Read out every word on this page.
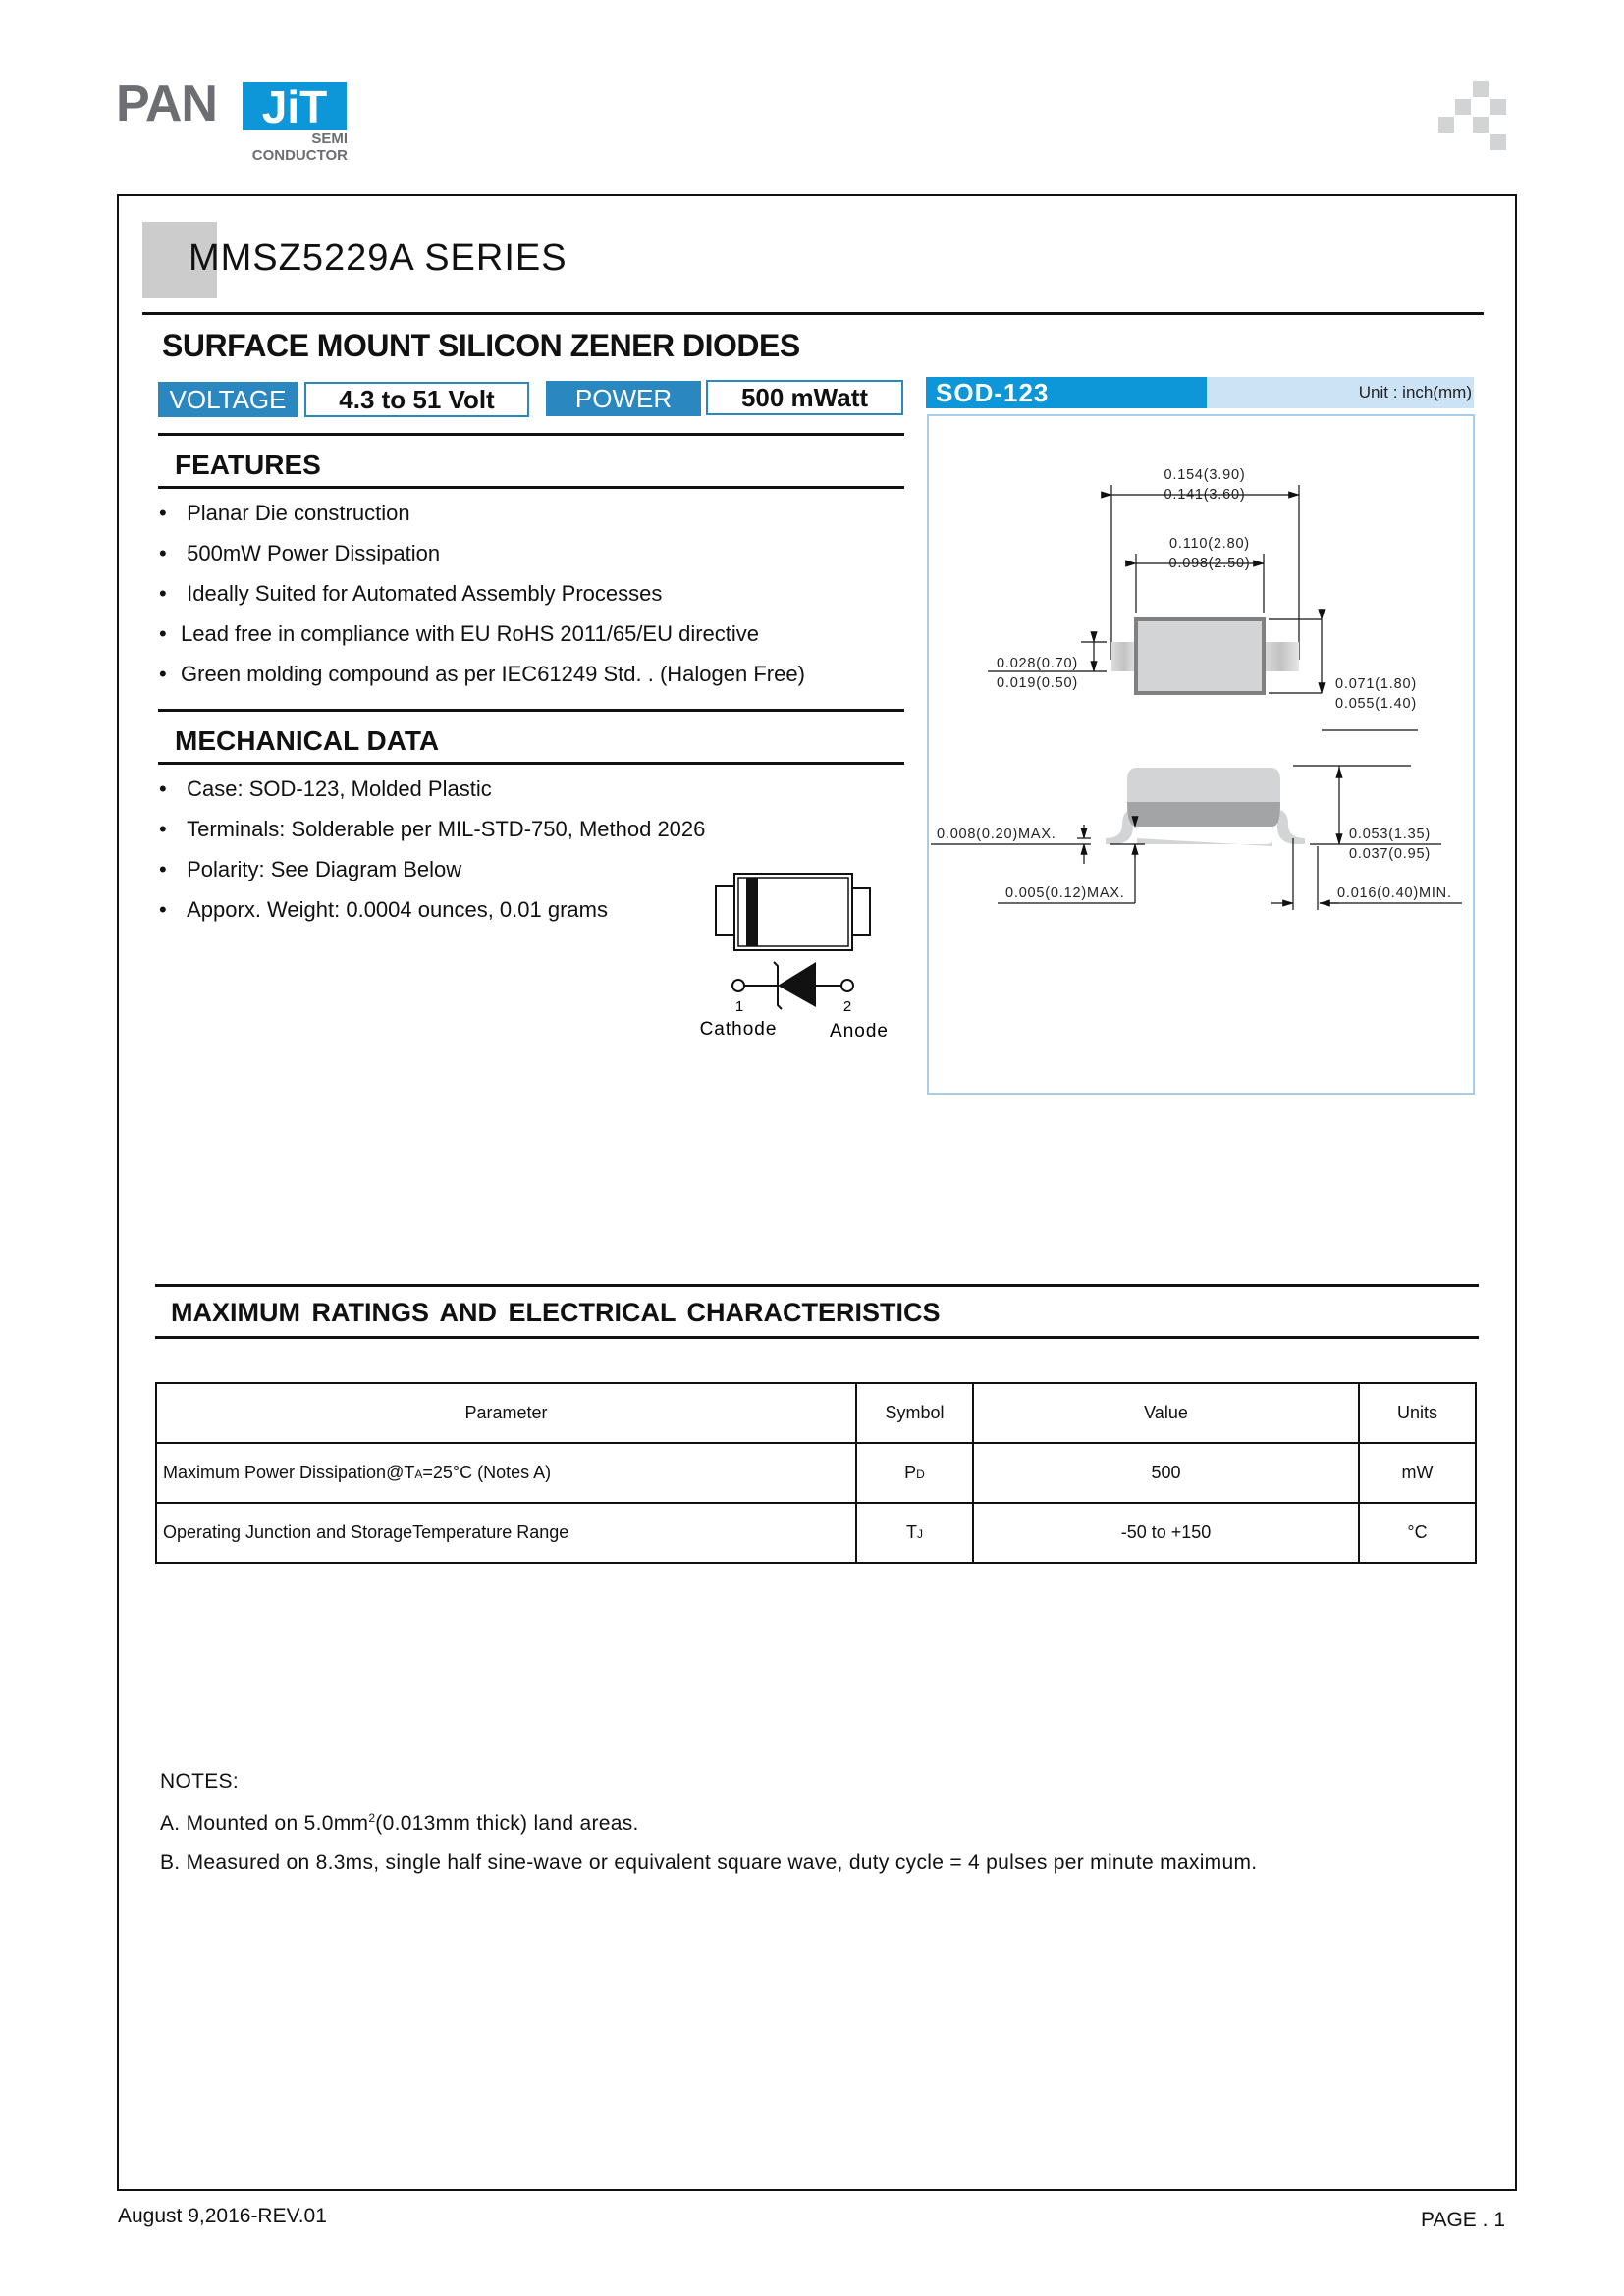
PAN JiT
SEMI
CONDUCTOR
MMSZ5229A SERIES
SURFACE MOUNT SILICON ZENER DIODES
VOLTAGE	4.3 to 51 Volt	POWER	500 mWatt
FEATURES
• Planar Die construction
• 500mW Power Dissipation
• Ideally Suited for Automated Assembly Processes
• Lead free in compliance with EU RoHS 2011/65/EU directive
• Green molding compound as per IEC61249 Std. . (Halogen Free)
MECHANICAL DATA
• Case: SOD-123, Molded Plastic
• Terminals: Solderable per MIL-STD-750, Method 2026
• Polarity: See Diagram Below
• Apporx. Weight: 0.0004 ounces, 0.01 grams
1	2
Cathode	Anode
SOD-123	Unit : inch(mm)
0.154(3.90)
0.141(3.60)
0.110(2.80)
0.098(2.50)
0.028(0.70)
0.019(0.50)	0.071(1.80)
0.055(1.40)
0.008(0.20)MAX.
0.005(0.12)MAX.
0.053(1.35)
0.037(0.95)
0.016(0.40)MIN.
MAXIMUM RATINGS AND ELECTRICAL CHARACTERISTICS
Parameter	Symbol	Value	Units
Maximum Power Dissipation@TA=25°C (Notes A)	PD	500	mW
Operating Junction and StorageTemperature Range	TJ	-50 to +150	°C
NOTES:
A. Mounted on $5.0mm^2(0.013mm$ thick) land areas.
B. Measured on 8.3ms, single half sine-wave or equivalent square wave, duty cycle = 4 pulses per minute maximum.
August 9,2016-REV.01	PAGE . 1
